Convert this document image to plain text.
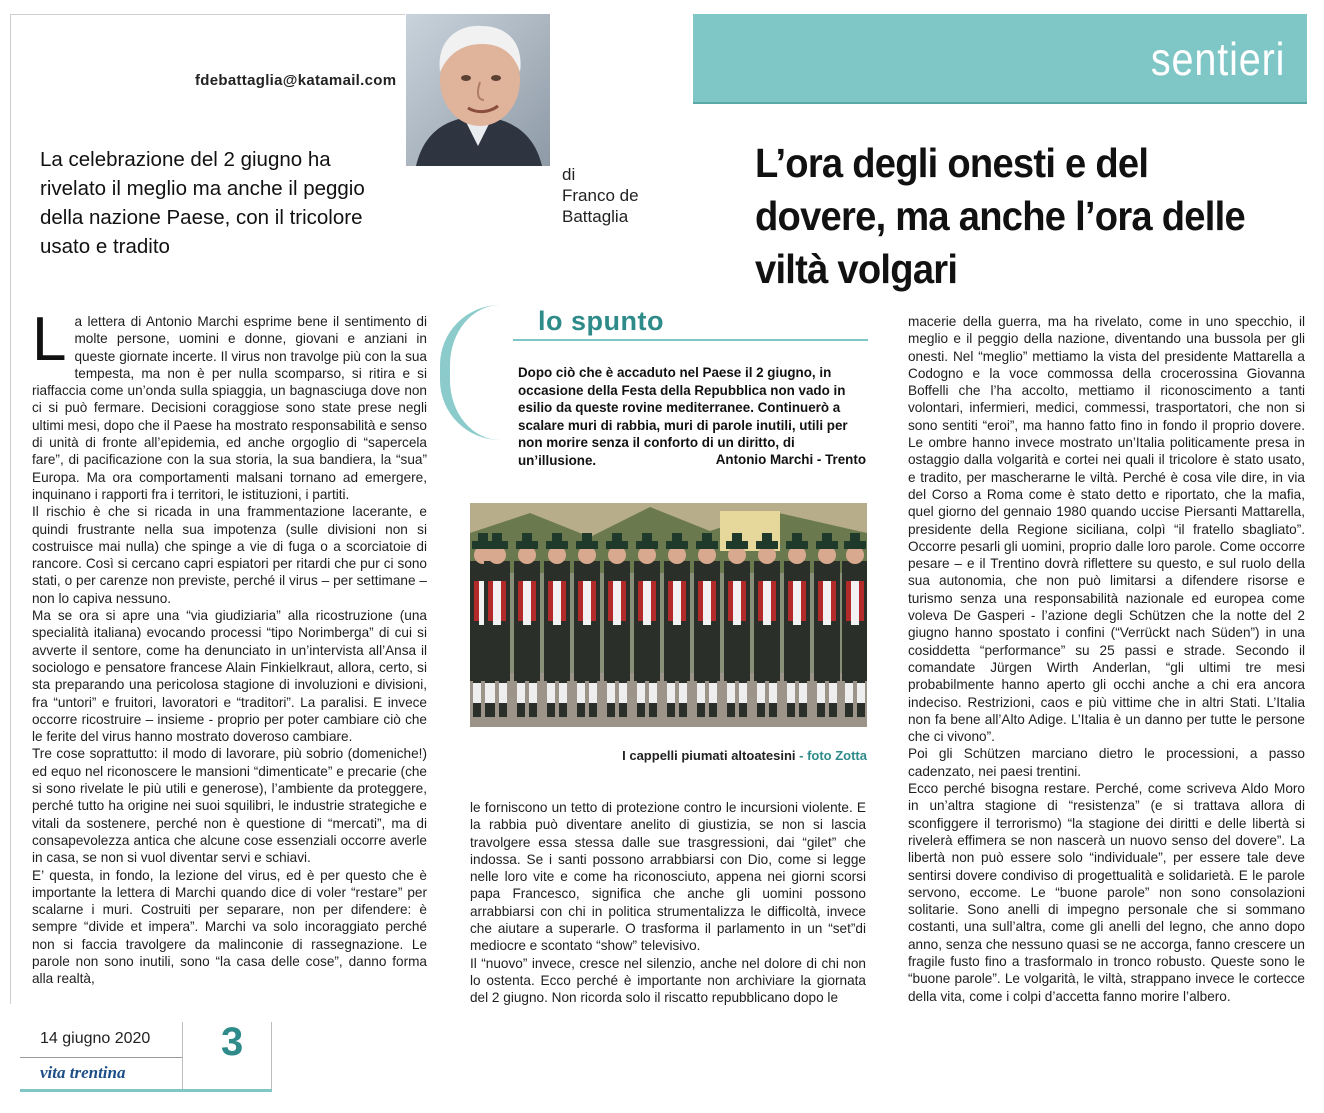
sentieri
fdebattaglia@katamail.com
di
Franco de Battaglia
La celebrazione del 2 giugno ha rivelato il meglio ma anche il peggio della nazione Paese, con il tricolore usato e tradito
L’ora degli onesti e del dovere, ma anche l’ora delle viltà volgari

La lettera di Antonio Marchi esprime bene il sentimento di molte persone, uomini e donne, giovani e anziani in queste giornate incerte. Il virus non travolge più con la sua tempesta, ma non è per nulla scomparso, si ritira e si riaffaccia come un’onda sulla spiaggia, un bagnasciuga dove non ci si può fermare. Decisioni coraggiose sono state prese negli ultimi mesi, dopo che il Paese ha mostrato responsabilità e senso di unità di fronte all’epidemia, ed anche orgoglio di “sapercela fare”, di pacificazione con la sua storia, la sua bandiera, la “sua” Europa. Ma ora comportamenti malsani tornano ad emergere, inquinano i rapporti fra i territori, le istituzioni, i partiti.

Il rischio è che si ricada in una frammentazione lacerante, e quindi frustrante nella sua impotenza (sulle divisioni non si costruisce mai nulla) che spinge a vie di fuga o a scorciatoie di rancore. Così si cercano capri espiatori per ritardi che pur ci sono stati, o per carenze non previste, perché il virus – per settimane – non lo capiva nessuno.

Ma se ora si apre una “via giudiziaria” alla ricostruzione (una specialità italiana) evocando processi “tipo Norimberga” di cui si avverte il sentore, come ha denunciato in un’intervista all’Ansa il sociologo e pensatore francese Alain Finkielkraut, allora, certo, si sta preparando una pericolosa stagione di involuzioni e divisioni, fra “untori” e fruitori, lavoratori e “traditori”. La paralisi. E invece occorre ricostruire – insieme - proprio per poter cambiare ciò che le ferite del virus hanno mostrato doveroso cambiare.

Tre cose soprattutto: il modo di lavorare, più sobrio (domeniche!) ed equo nel riconoscere le mansioni “dimenticate” e precarie (che si sono rivelate le più utili e generose), l’ambiente da proteggere, perché tutto ha origine nei suoi squilibri, le industrie strategiche e vitali da sostenere, perché non è questione di “mercati”, ma di consapevolezza antica che alcune cose essenziali occorre averle in casa, se non si vuol diventar servi e schiavi.

E’ questa, in fondo, la lezione del virus, ed è per questo che è importante la lettera di Marchi quando dice di voler “restare” per scalarne i muri. Costruiti per separare, non per difendere: è sempre “divide et impera”. Marchi va solo incoraggiato perché non si faccia travolgere da malinconie di rassegnazione. Le parole non sono inutili, sono “la casa delle cose”, danno forma alla realtà,

lo spunto
Dopo ciò che è accaduto nel Paese il 2 giugno, in occasione della Festa della Repubblica non vado in esilio da queste rovine mediterranee. Continuerò a scalare muri di rabbia, muri di parole inutili, utili per non morire senza il conforto di un diritto, di un’illusione.	Antonio Marchi - Trento
I cappelli piumati altoatesini - foto Zotta

le forniscono un tetto di protezione contro le incursioni violente. E la rabbia può diventare anelito di giustizia, se non si lascia travolgere essa stessa dalle sue trasgressioni, dai “gilet” che indossa. Se i santi possono arrabbiarsi con Dio, come si legge nelle loro vite e come ha riconosciuto, appena nei giorni scorsi papa Francesco, significa che anche gli uomini possono arrabbiarsi con chi in politica strumentalizza le difficoltà, invece che aiutare a superarle. O trasforma il parlamento in un “set”di mediocre e scontato “show” televisivo.

Il “nuovo” invece, cresce nel silenzio, anche nel dolore di chi non lo ostenta. Ecco perché è importante non archiviare la giornata del 2 giugno. Non ricorda solo il riscatto repubblicano dopo le

macerie della guerra, ma ha rivelato, come in uno specchio, il meglio e il peggio della nazione, diventando una bussola per gli onesti. Nel “meglio” mettiamo la vista del presidente Mattarella a Codogno e la voce commossa della crocerossina Giovanna Boffelli che l’ha accolto, mettiamo il riconoscimento a tanti volontari, infermieri, medici, commessi, trasportatori, che non si sono sentiti “eroi”, ma hanno fatto fino in fondo il proprio dovere. Le ombre hanno invece mostrato un’Italia politicamente presa in ostaggio dalla volgarità e cortei nei quali il tricolore è stato usato, e tradito, per mascherarne le viltà. Perché è cosa vile dire, in via del Corso a Roma come è stato detto e riportato, che la mafia, quel giorno del gennaio 1980 quando uccise Piersanti Mattarella, presidente della Regione siciliana, colpì “il fratello sbagliato”. Occorre pesarli gli uomini, proprio dalle loro parole. Come occorre pesare – e il Trentino dovrà riflettere su questo, e sul ruolo della sua autonomia, che non può limitarsi a difendere risorse e turismo senza una responsabilità nazionale ed europea come voleva De Gasperi - l’azione degli Schützen che la notte del 2 giugno hanno spostato i confini (“Verrückt nach Süden”) in una cosiddetta “performance” su 25 passi e strade. Secondo il comandate Jürgen Wirth Anderlan, “gli ultimi tre mesi probabilmente hanno aperto gli occhi anche a chi era ancora indeciso. Restrizioni, caos e più vittime che in altri Stati. L’Italia non fa bene all’Alto Adige. L’Italia è un danno per tutte le persone che ci vivono”.

Poi gli Schützen marciano dietro le processioni, a passo cadenzato, nei paesi trentini.

Ecco perché bisogna restare. Perché, come scriveva Aldo Moro in un’altra stagione di “resistenza” (e si trattava allora di sconfiggere il terrorismo) “la stagione dei diritti e delle libertà si rivelerà effimera se non nascerà un nuovo senso del dovere”. La libertà non può essere solo “individuale”, per essere tale deve sentirsi dovere condiviso di progettualità e solidarietà. E le parole servono, eccome. Le “buone parole” non sono consolazioni solitarie. Sono anelli di impegno personale che si sommano costanti, una sull’altra, come gli anelli del legno, che anno dopo anno, senza che nessuno quasi se ne accorga, fanno crescere un fragile fusto fino a trasformalo in tronco robusto. Queste sono le “buone parole”. Le volgarità, le viltà, strappano invece le cortecce della vita, come i colpi d’accetta fanno morire l’albero.

14 giugno 2020
vita trentina
3
